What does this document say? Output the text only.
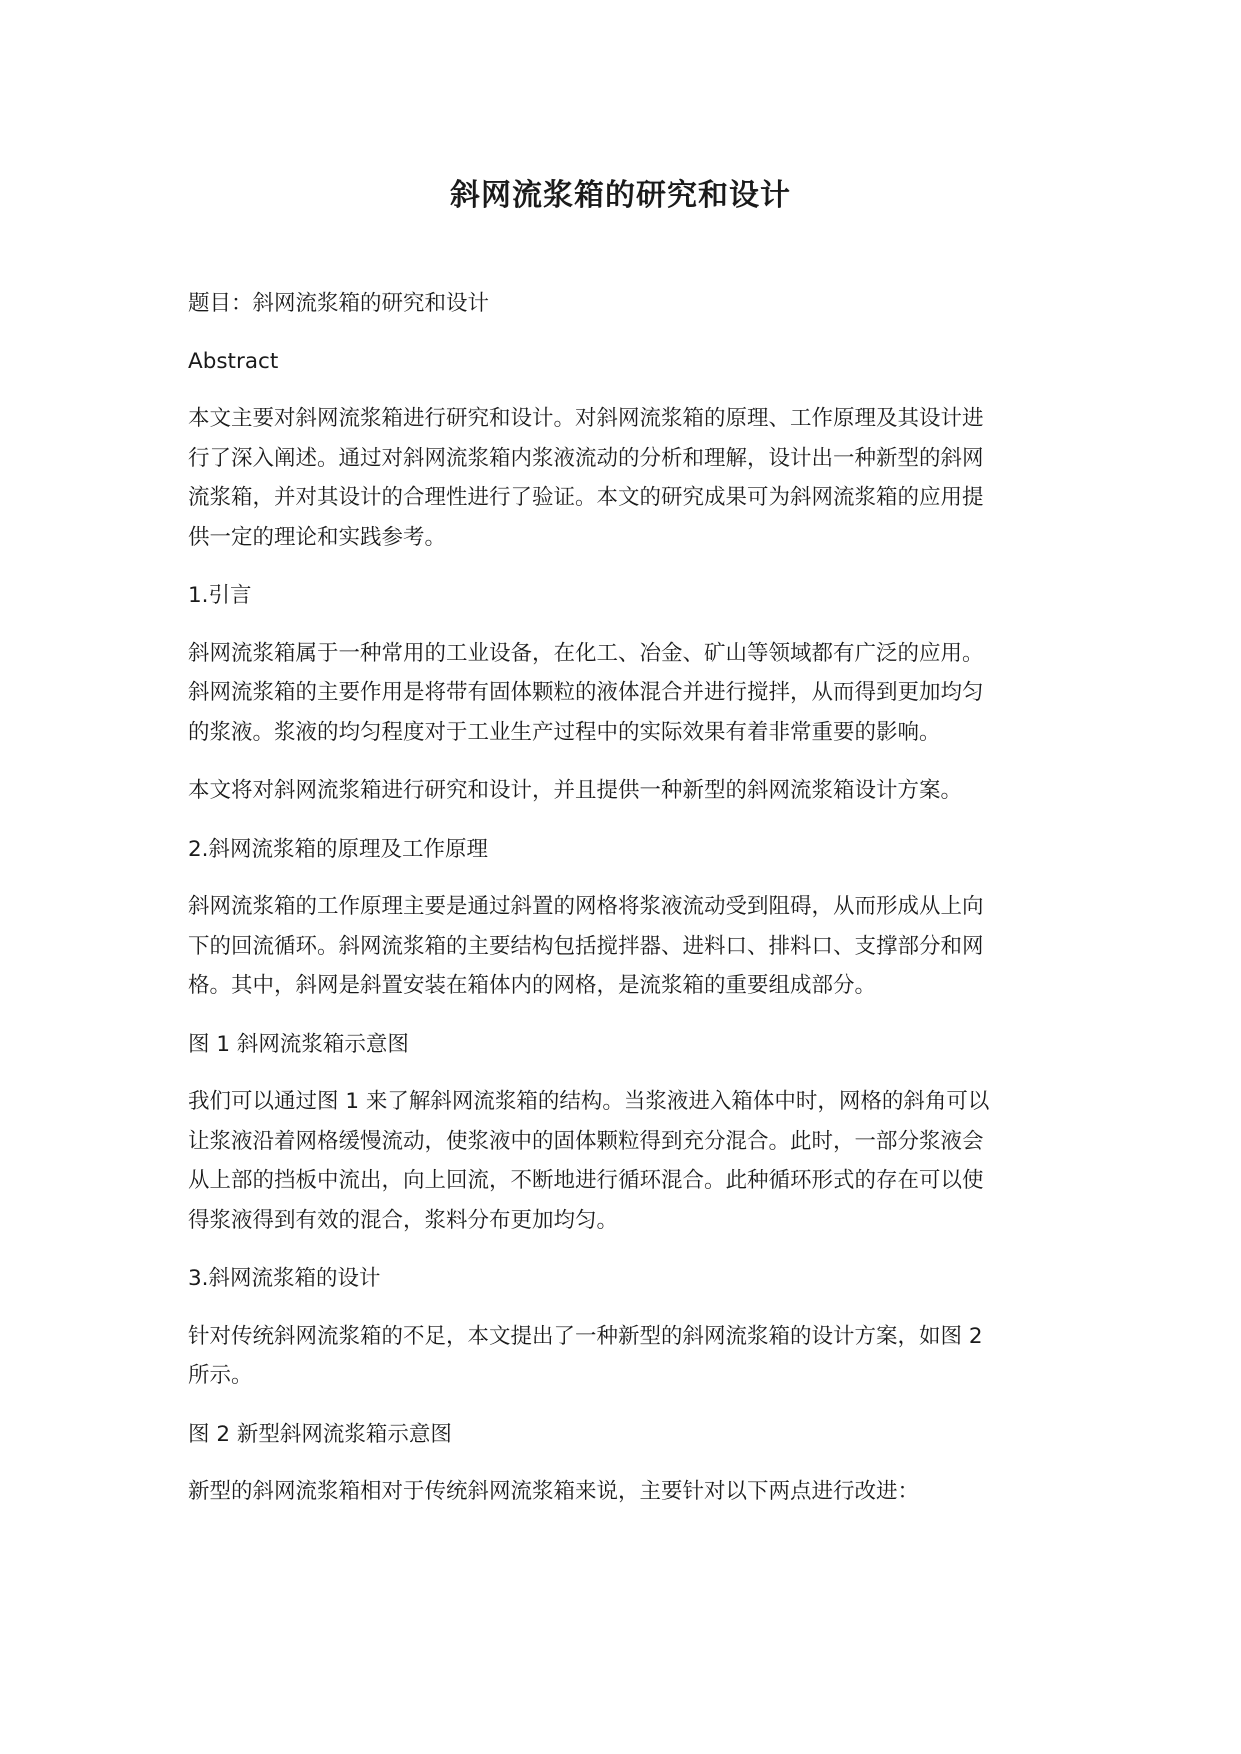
斜网流浆箱的研究和设计

题目：斜网流浆箱的研究和设计

Abstract

本文主要对斜网流浆箱进行研究和设计。对斜网流浆箱的原理、工作原理及其设计进
行了深入阐述。通过对斜网流浆箱内浆液流动的分析和理解，设计出一种新型的斜网
流浆箱，并对其设计的合理性进行了验证。本文的研究成果可为斜网流浆箱的应用提
供一定的理论和实践参考。

1.引言

斜网流浆箱属于一种常用的工业设备，在化工、冶金、矿山等领域都有广泛的应用。
斜网流浆箱的主要作用是将带有固体颗粒的液体混合并进行搅拌，从而得到更加均匀
的浆液。浆液的均匀程度对于工业生产过程中的实际效果有着非常重要的影响。

本文将对斜网流浆箱进行研究和设计，并且提供一种新型的斜网流浆箱设计方案。

2.斜网流浆箱的原理及工作原理

斜网流浆箱的工作原理主要是通过斜置的网格将浆液流动受到阻碍，从而形成从上向
下的回流循环。斜网流浆箱的主要结构包括搅拌器、进料口、排料口、支撑部分和网
格。其中，斜网是斜置安装在箱体内的网格，是流浆箱的重要组成部分。

图 1 斜网流浆箱示意图

我们可以通过图 1 来了解斜网流浆箱的结构。当浆液进入箱体中时，网格的斜角可以
让浆液沿着网格缓慢流动，使浆液中的固体颗粒得到充分混合。此时，一部分浆液会
从上部的挡板中流出，向上回流，不断地进行循环混合。此种循环形式的存在可以使
得浆液得到有效的混合，浆料分布更加均匀。

3.斜网流浆箱的设计

针对传统斜网流浆箱的不足，本文提出了一种新型的斜网流浆箱的设计方案，如图 2
所示。

图 2 新型斜网流浆箱示意图

新型的斜网流浆箱相对于传统斜网流浆箱来说，主要针对以下两点进行改进：
